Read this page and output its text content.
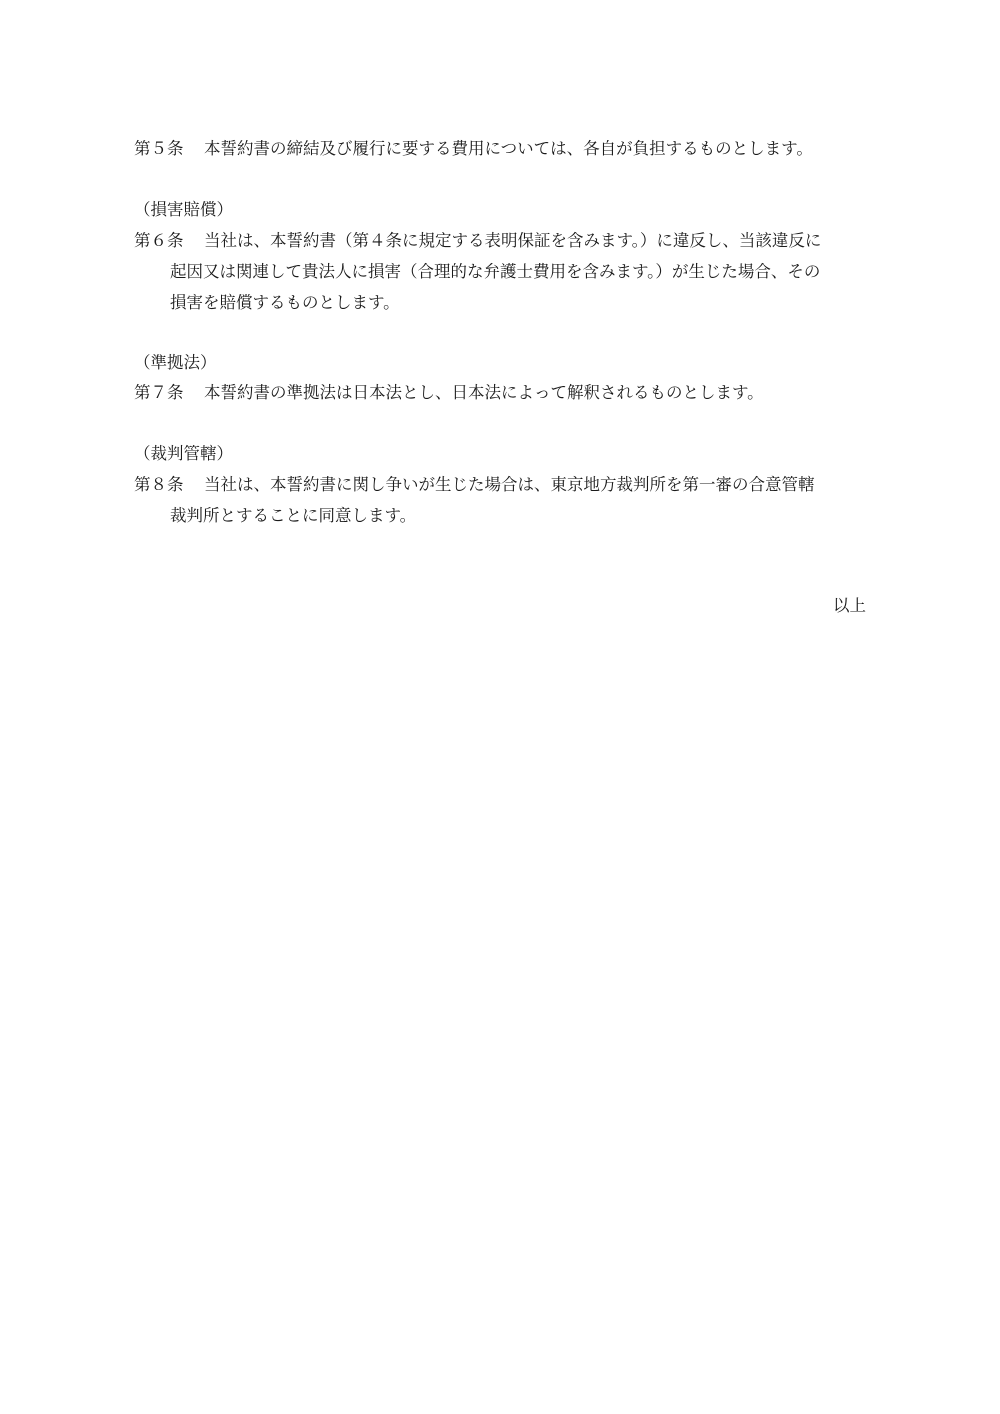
第５条 本誓約書の締結及び履行に要する費用については、各自が負担するものとします。
（損害賠償）
第６条 当社は、本誓約書（第４条に規定する表明保証を含みます。）に違反し、当該違反に
起因又は関連して貴法人に損害（合理的な弁護士費用を含みます。）が生じた場合、その
損害を賠償するものとします。
（準拠法）
第７条 本誓約書の準拠法は日本法とし、日本法によって解釈されるものとします。
（裁判管轄）
第８条 当社は、本誓約書に関し争いが生じた場合は、東京地方裁判所を第一審の合意管轄
裁判所とすることに同意します。
以上
